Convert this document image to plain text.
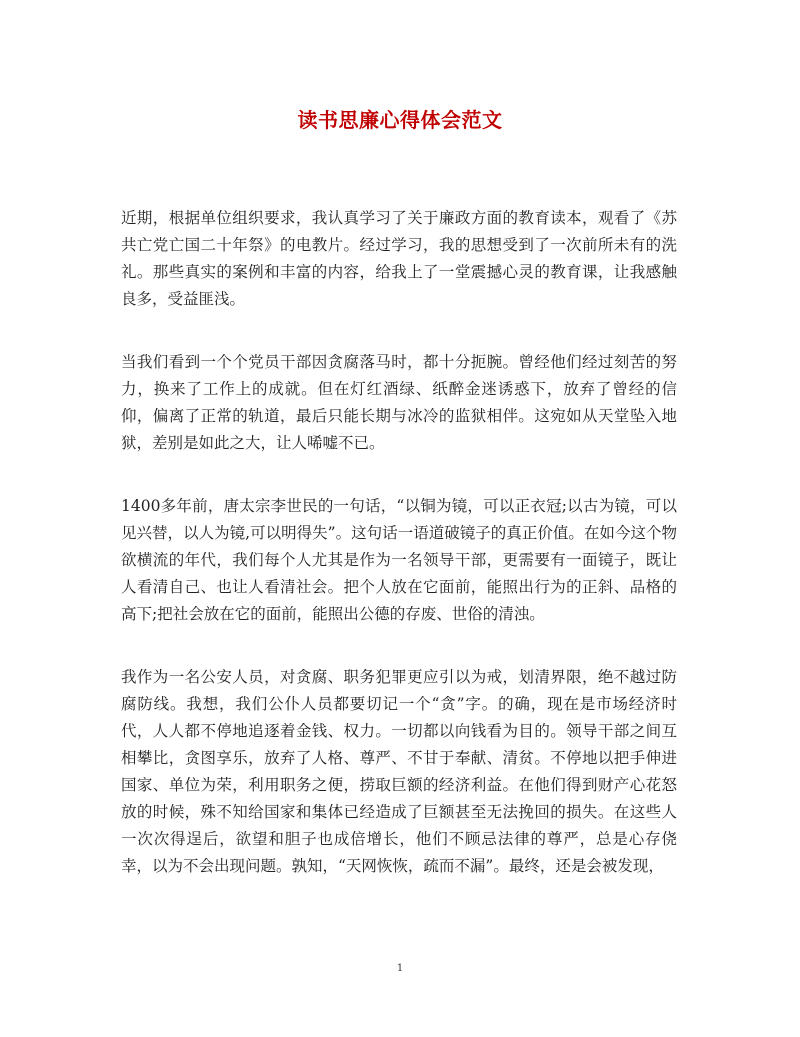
读书思廉心得体会范文

近期，根据单位组织要求，我认真学习了关于廉政方面的教育读本，观看了《苏共亡党亡国二十年祭》的电教片。经过学习，我的思想受到了一次前所未有的洗礼。那些真实的案例和丰富的内容，给我上了一堂震撼心灵的教育课，让我感触良多，受益匪浅。

当我们看到一个个党员干部因贪腐落马时，都十分扼腕。曾经他们经过刻苦的努力，换来了工作上的成就。但在灯红酒绿、纸醉金迷诱惑下，放弃了曾经的信仰，偏离了正常的轨道，最后只能长期与冰冷的监狱相伴。这宛如从天堂坠入地狱，差别是如此之大，让人唏嘘不已。

1400多年前，唐太宗李世民的一句话，“以铜为镜，可以正衣冠;以古为镜，可以见兴替，以人为镜,可以明得失”。这句话一语道破镜子的真正价值。在如今这个物欲横流的年代，我们每个人尤其是作为一名领导干部，更需要有一面镜子，既让人看清自己、也让人看清社会。把个人放在它面前，能照出行为的正斜、品格的高下;把社会放在它的面前，能照出公德的存废、世俗的清浊。

我作为一名公安人员，对贪腐、职务犯罪更应引以为戒，划清界限，绝不越过防腐防线。我想，我们公仆人员都要切记一个“贪”字。的确，现在是市场经济时代，人人都不停地追逐着金钱、权力。一切都以向钱看为目的。领导干部之间互相攀比，贪图享乐，放弃了人格、尊严、不甘于奉献、清贫。不停地以把手伸进国家、单位为荣，利用职务之便，捞取巨额的经济利益。在他们得到财产心花怒放的时候，殊不知给国家和集体已经造成了巨额甚至无法挽回的损失。在这些人一次次得逞后，欲望和胆子也成倍增长，他们不顾忌法律的尊严，总是心存侥幸，以为不会出现问题。孰知，“天网恢恢，疏而不漏”。最终，还是会被发现，

1
